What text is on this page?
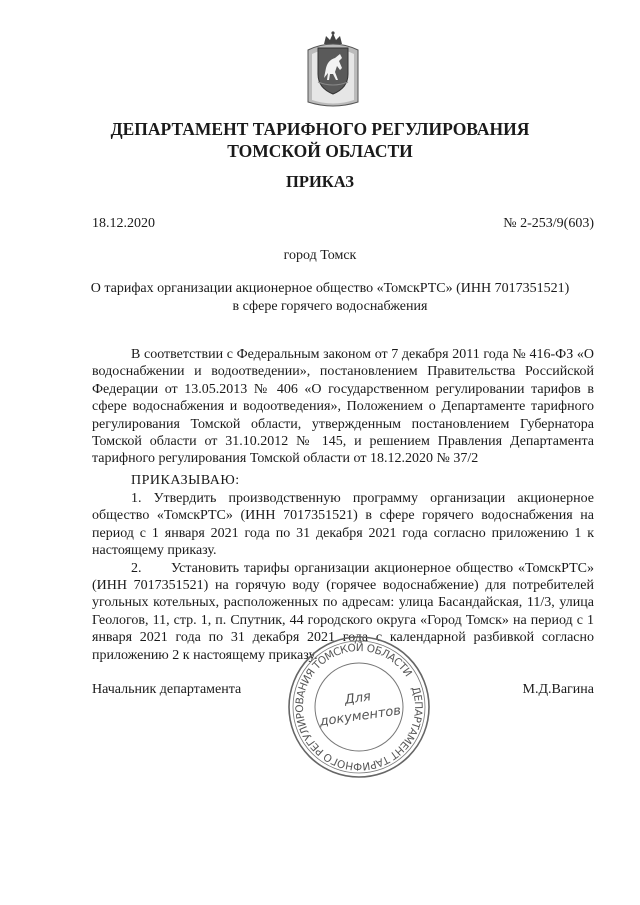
ДЕПАРТАМЕНТ ТАРИФНОГО РЕГУЛИРОВАНИЯ
ТОМСКОЙ ОБЛАСТИ
ПРИКАЗ
18.12.2020	№ 2-253/9(603)
город Томск
О тарифах организации акционерное общество «ТомскРТС» (ИНН 7017351521)
в сфере горячего водоснабжения
В соответствии с Федеральным законом от 7 декабря 2011 года № 416-ФЗ «О
водоснабжении и водоотведении», постановлением Правительства Российской
Федерации от 13.05.2013 № 406 «О государственном регулировании тарифов в
сфере водоснабжения и водоотведения», Положением о Департаменте тарифного
регулирования Томской области, утвержденным постановлением Губернатора
Томской области от 31.10.2012 № 145, и решением Правления Департамента
тарифного регулирования Томской области от 18.12.2020 № 37/2
ПРИКАЗЫВАЮ:
1. Утвердить производственную программу организации акционерное
общество «ТомскРТС» (ИНН 7017351521) в сфере горячего водоснабжения на
период с 1 января 2021 года по 31 декабря 2021 года согласно приложению 1 к
настоящему приказу.
2.      Установить тарифы организации акционерное общество «ТомскРТС»
(ИНН 7017351521) на горячую воду (горячее водоснабжение) для потребителей
угольных котельных, расположенных по адресам: улица Басандайская, 11/3, улица
Геологов, 11, стр. 1, п. Спутник, 44 городского округа «Город Томск» на период с 1
января 2021 года по 31 декабря 2021 года с календарной разбивкой согласно
приложению 2 к настоящему приказу.
Начальник департамента	М.Д.Вагина
ДЕПАРТАМЕНТ ТАРИФНОГО РЕГУЛИРОВАНИЯ ТОМСКОЙ ОБЛАСТИ
Для
документов
